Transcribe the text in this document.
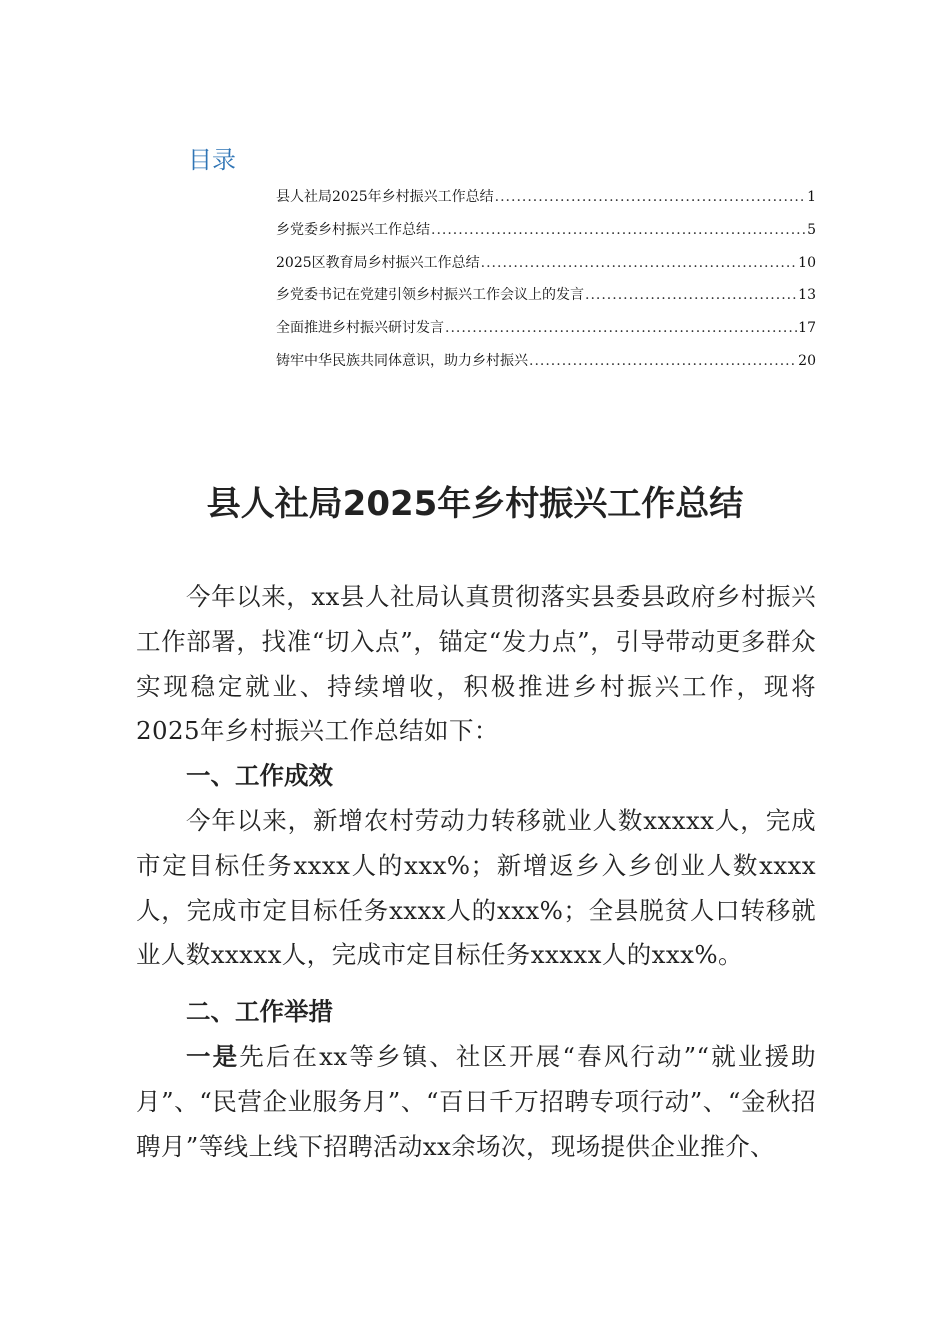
目录
县人社局2025年乡村振兴工作总结 .....	1
乡党委乡村振兴工作总结 .....	5
2025区教育局乡村振兴工作总结 .....	10
乡党委书记在党建引领乡村振兴工作会议上的发言 .....	13
全面推进乡村振兴研讨发言 .....	17
铸牢中华民族共同体意识，助力乡村振兴 .....	20
县人社局2025年乡村振兴工作总结

今年以来，xx县人社局认真贯彻落实县委县政府乡村振兴工作部署，找准“切入点”，锚定“发力点”，引导带动更多群众实现稳定就业、持续增收，积极推进乡村振兴工作，现将2025年乡村振兴工作总结如下：

一、工作成效

今年以来，新增农村劳动力转移就业人数xxxxx人，完成市定目标任务xxxx人的xxx%；新增返乡入乡创业人数xxxx人，完成市定目标任务xxxx人的xxx%；全县脱贫人口转移就业人数xxxxx人，完成市定目标任务xxxxx人的xxx%。

二、工作举措

一是先后在xx等乡镇、社区开展“春风行动”“就业援助月”、“民营企业服务月”、“百日千万招聘专项行动”、“金秋招聘月”等线上线下招聘活动xx余场次，现场提供企业推介、
